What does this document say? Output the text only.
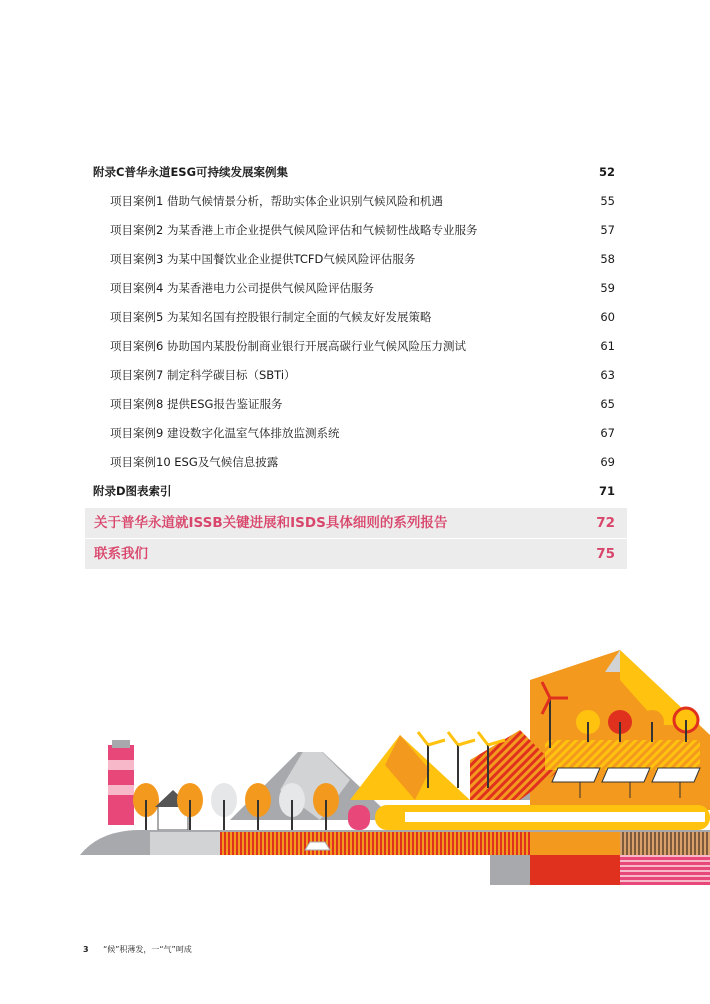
附录C普华永道ESG可持续发展案例集	52
项目案例1 借助气候情景分析，帮助实体企业识别气候风险和机遇	55
项目案例2 为某香港上市企业提供气候风险评估和气候韧性战略专业服务	57
项目案例3 为某中国餐饮业企业提供TCFD气候风险评估服务	58
项目案例4 为某香港电力公司提供气候风险评估服务	59
项目案例5 为某知名国有控股银行制定全面的气候友好发展策略	60
项目案例6 协助国内某股份制商业银行开展高碳行业气候风险压力测试	61
项目案例7 制定科学碳目标（SBTi）	63
项目案例8 提供ESG报告鉴证服务	65
项目案例9 建设数字化温室气体排放监测系统	67
项目案例10 ESG及气候信息披露	69
附录D图表索引	71
关于普华永道就ISSB关键进展和ISDS具体细则的系列报告	72
联系我们	75
3 “候”积薄发，一“气”呵成
